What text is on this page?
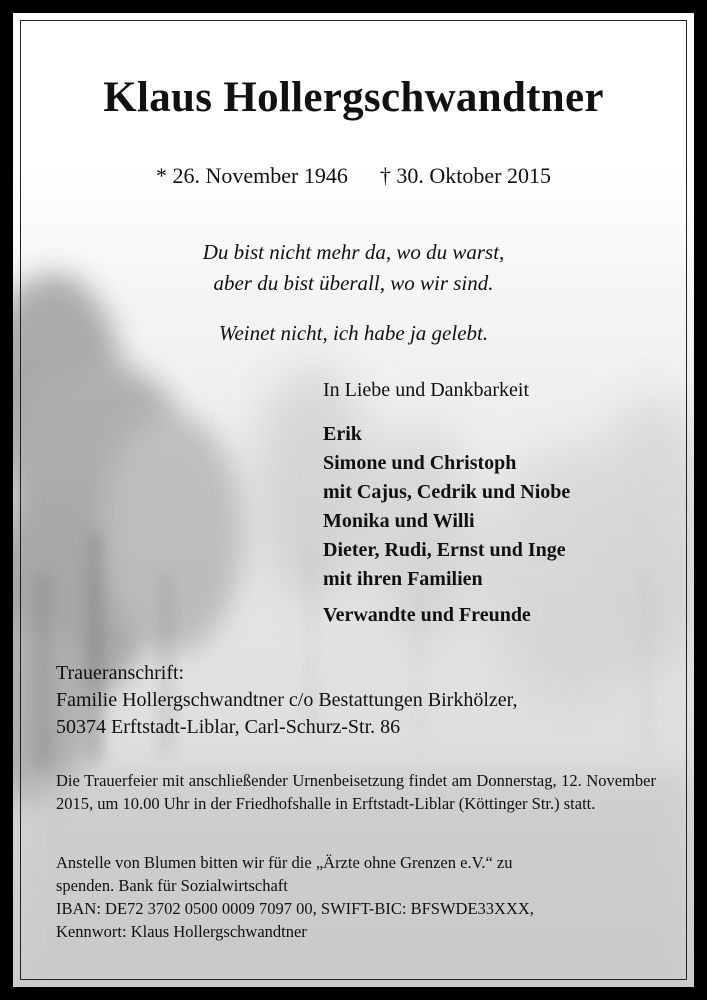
Klaus Hollergschwandtner
* 26. November 1946 † 30. Oktober 2015
Du bist nicht mehr da, wo du warst,
aber du bist überall, wo wir sind.
Weinet nicht, ich habe ja gelebt.
In Liebe und Dankbarkeit
Erik
Simone und Christoph
mit Cajus, Cedrik und Niobe
Monika und Willi
Dieter, Rudi, Ernst und Inge
mit ihren Familien
Verwandte und Freunde
Traueranschrift:
Familie Hollergschwandtner c/o Bestattungen Birkhölzer,
50374 Erftstadt-Liblar, Carl-Schurz-Str. 86
Die Trauerfeier mit anschließender Urnenbeisetzung findet am Donnerstag, 12. November 2015, um 10.00 Uhr in der Friedhofshalle in Erftstadt-Liblar (Köttinger Str.) statt.
Anstelle von Blumen bitten wir für die „Ärzte ohne Grenzen e.V.“ zu
spenden. Bank für Sozialwirtschaft
IBAN: DE72 3702 0500 0009 7097 00, SWIFT-BIC: BFSWDE33XXX,
Kennwort: Klaus Hollergschwandtner
